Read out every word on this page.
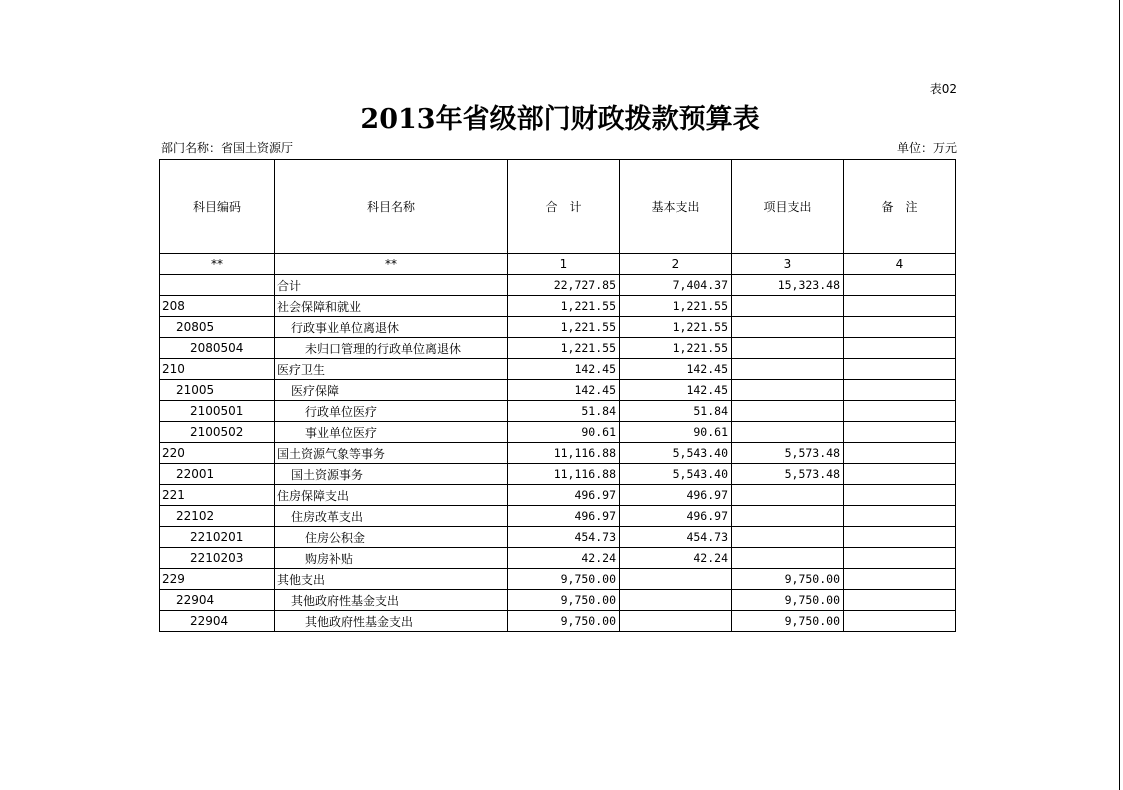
表02
2013年省级部门财政拨款预算表
部门名称：省国土资源厅	单位：万元
科目编码	科目名称	合　计	基本支出	项目支出	备　注
**	**	1	2	3	4
	合计	22,727.85	7,404.37	15,323.48	
208	社会保障和就业	1,221.55	1,221.55		
20805	行政事业单位离退休	1,221.55	1,221.55		
2080504	未归口管理的行政单位离退休	1,221.55	1,221.55		
210	医疗卫生	142.45	142.45		
21005	医疗保障	142.45	142.45		
2100501	行政单位医疗	51.84	51.84		
2100502	事业单位医疗	90.61	90.61		
220	国土资源气象等事务	11,116.88	5,543.40	5,573.48	
22001	国土资源事务	11,116.88	5,543.40	5,573.48	
221	住房保障支出	496.97	496.97		
22102	住房改革支出	496.97	496.97		
2210201	住房公积金	454.73	454.73		
2210203	购房补贴	42.24	42.24		
229	其他支出	9,750.00		9,750.00	
22904	其他政府性基金支出	9,750.00		9,750.00	
22904	其他政府性基金支出	9,750.00		9,750.00	
